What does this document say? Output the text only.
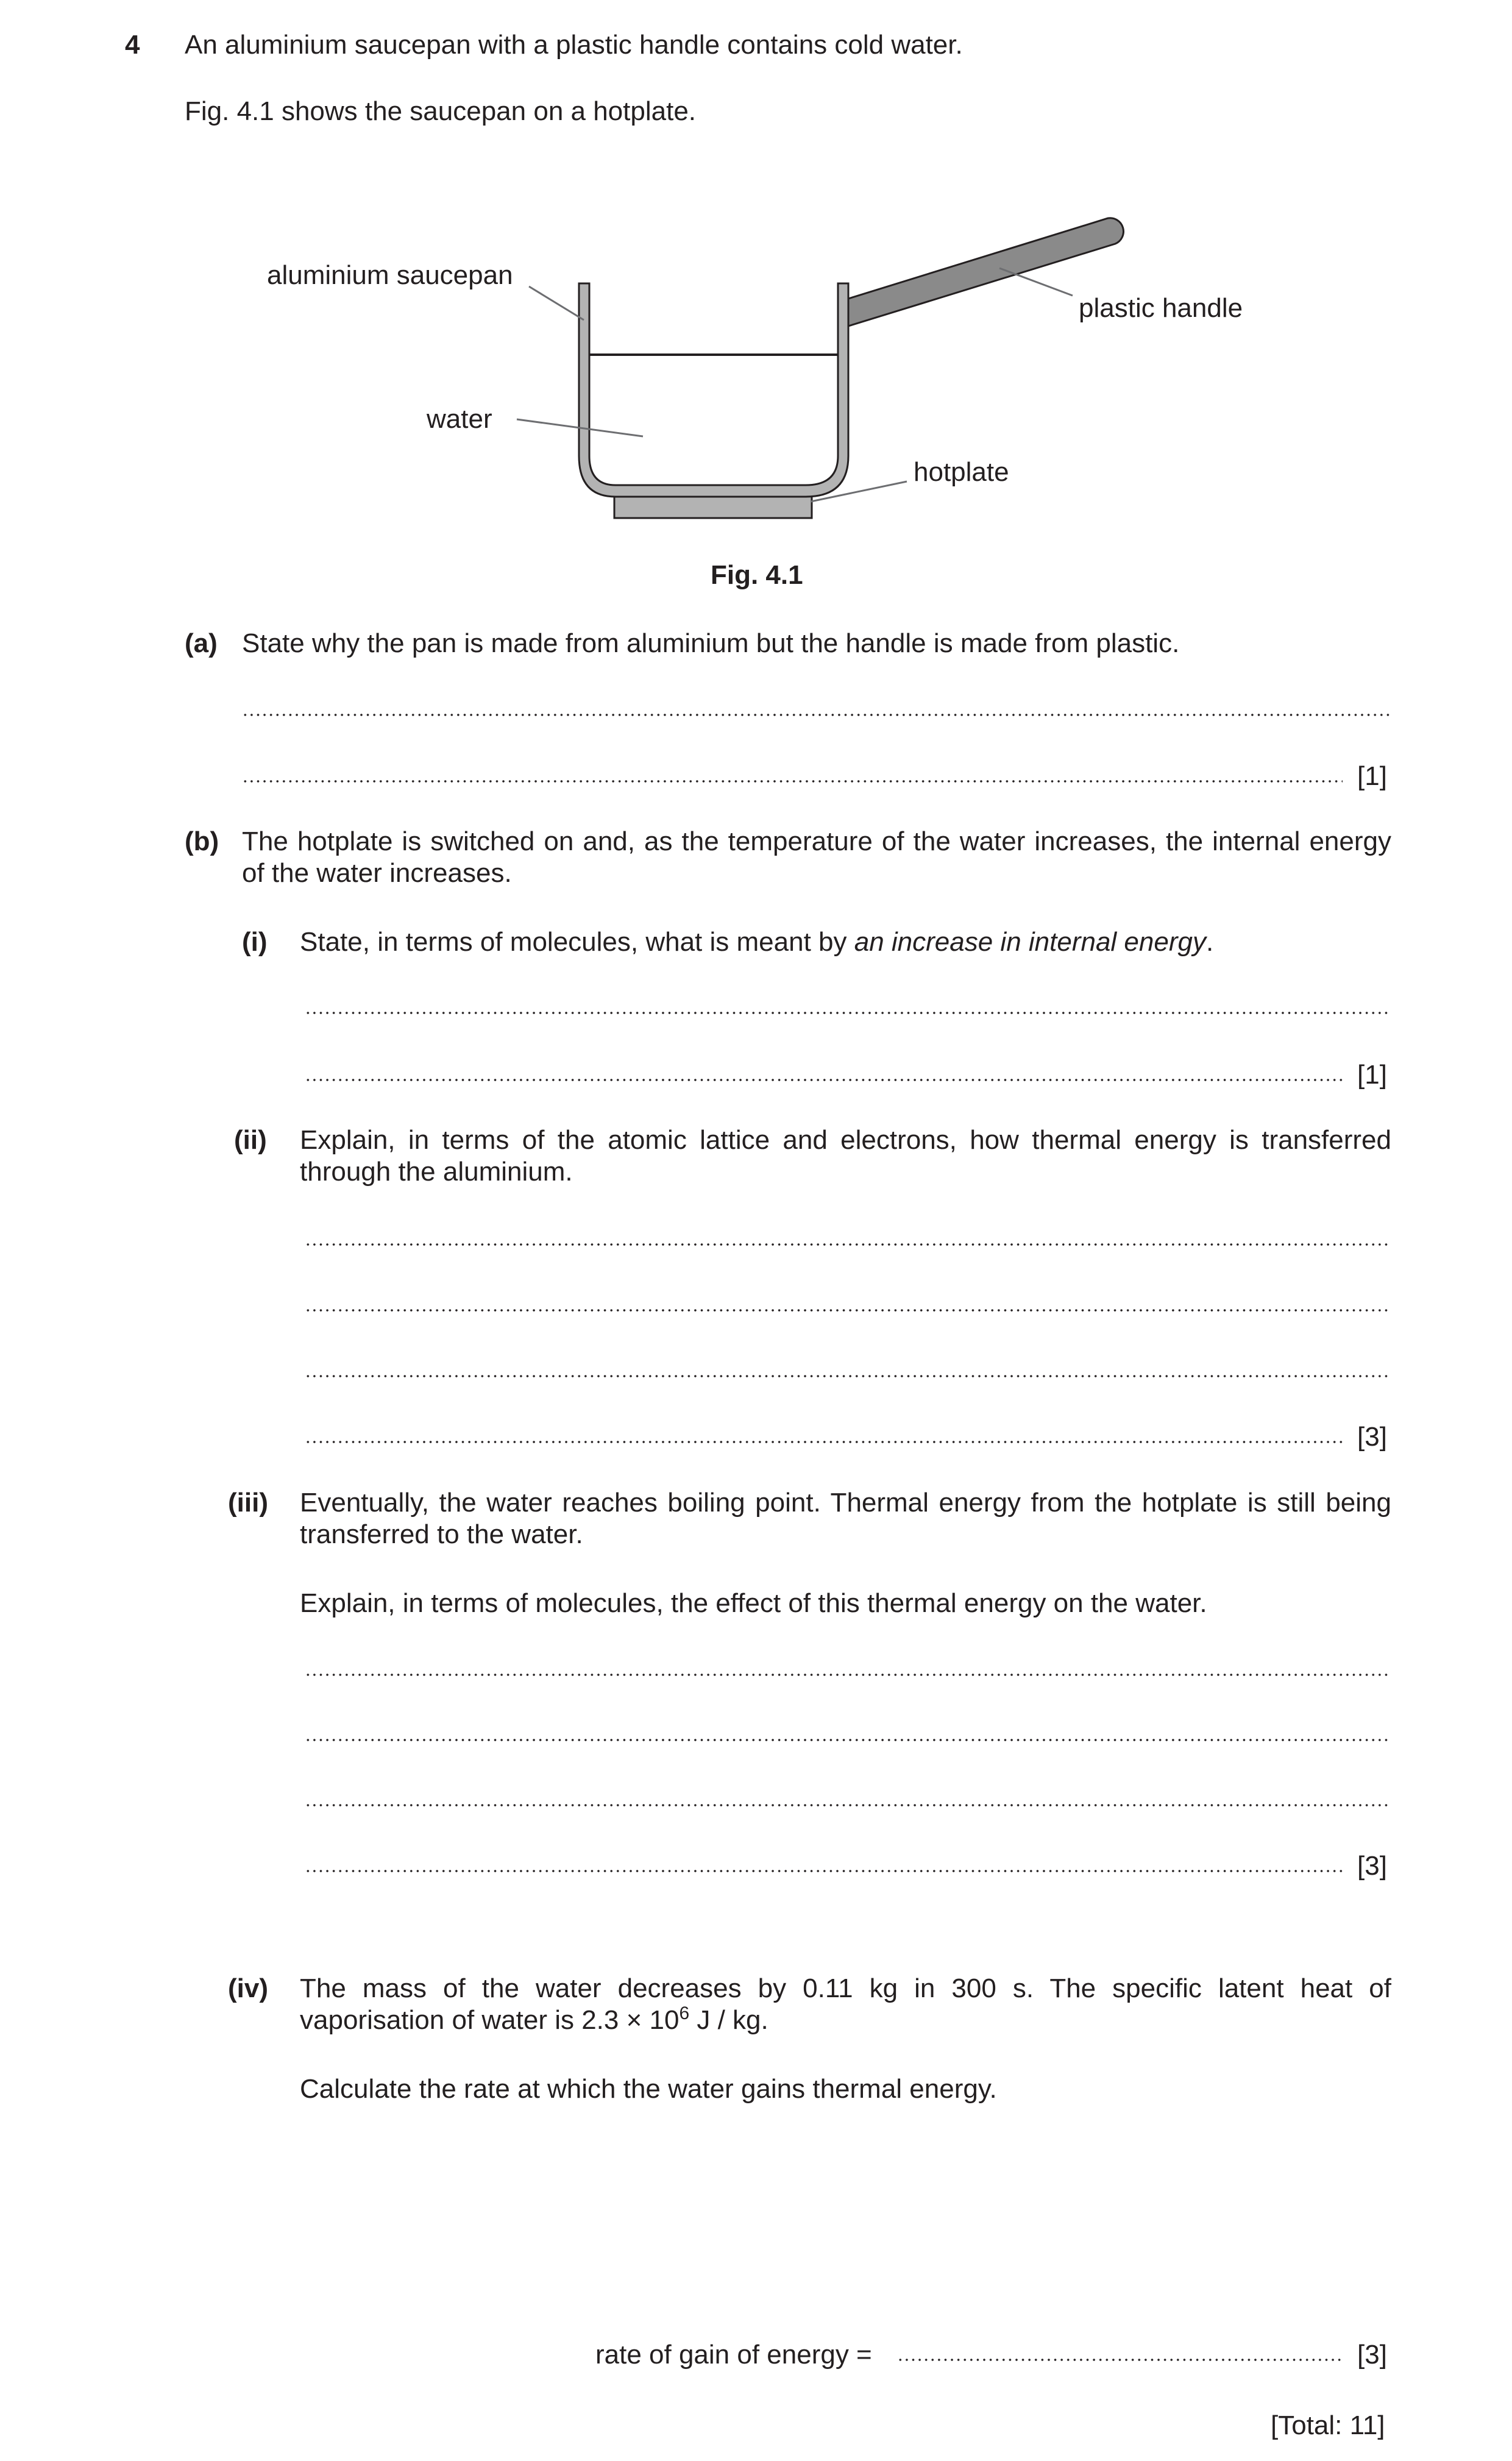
4 An aluminium saucepan with a plastic handle contains cold water.
Fig. 4.1 shows the saucepan on a hotplate.
aluminium saucepan
plastic handle
water
hotplate
Fig. 4.1
(a) State why the pan is made from aluminium but the handle is made from plastic.
[1]
(b) The hotplate is switched on and, as the temperature of the water increases, the internal energy of the water increases.
(i) State, in terms of molecules, what is meant by an increase in internal energy.
[1]
(ii) Explain, in terms of the atomic lattice and electrons, how thermal energy is transferred through the aluminium.
[3]
(iii) Eventually, the water reaches boiling point. Thermal energy from the hotplate is still being transferred to the water.
Explain, in terms of molecules, the effect of this thermal energy on the water.
[3]
(iv) The mass of the water decreases by 0.11 kg in 300 s. The specific latent heat of vaporisation of water is $2.3 \times 10^6$ J / kg.
Calculate the rate at which the water gains thermal energy.
rate of gain of energy =	[3]
[Total: 11]
